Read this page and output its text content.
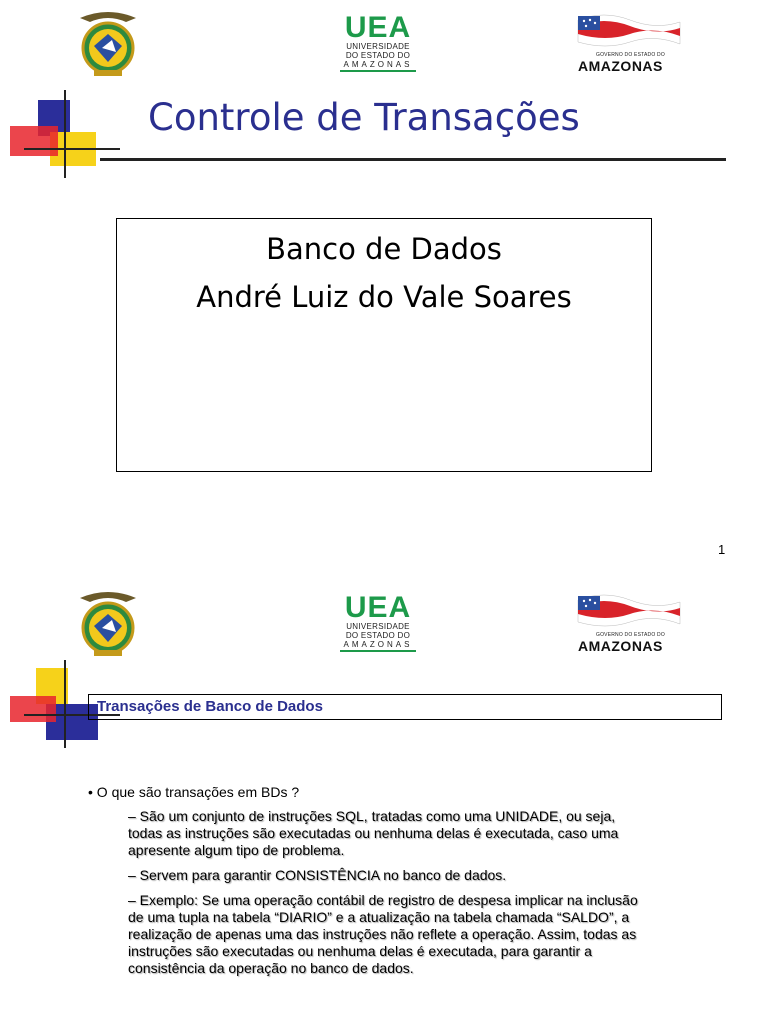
UEA
UNIVERSIDADE
DO ESTADO DO
AMAZONAS
GOVERNO DO ESTADO DO
AMAZONAS
Controle de Transações
Banco de Dados
André Luiz do Vale Soares
1
UEA
UNIVERSIDADE
DO ESTADO DO
AMAZONAS
GOVERNO DO ESTADO DO
AMAZONAS
Transações de Banco de Dados
• O que são transações em BDs ?
– São um conjunto de instruções SQL, tratadas como uma UNIDADE, ou seja, todas as instruções são executadas ou nenhuma delas é executada, caso uma apresente algum tipo de problema.
– Servem para garantir CONSISTÊNCIA no banco de dados.
– Exemplo: Se uma operação contábil de registro de despesa implicar na inclusão de uma tupla na tabela “DIARIO” e a atualização na tabela chamada “SALDO”, a realização de apenas uma das instruções não reflete a operação. Assim, todas as instruções são executadas ou nenhuma delas é executada, para garantir a consistência da operação no banco de dados.
